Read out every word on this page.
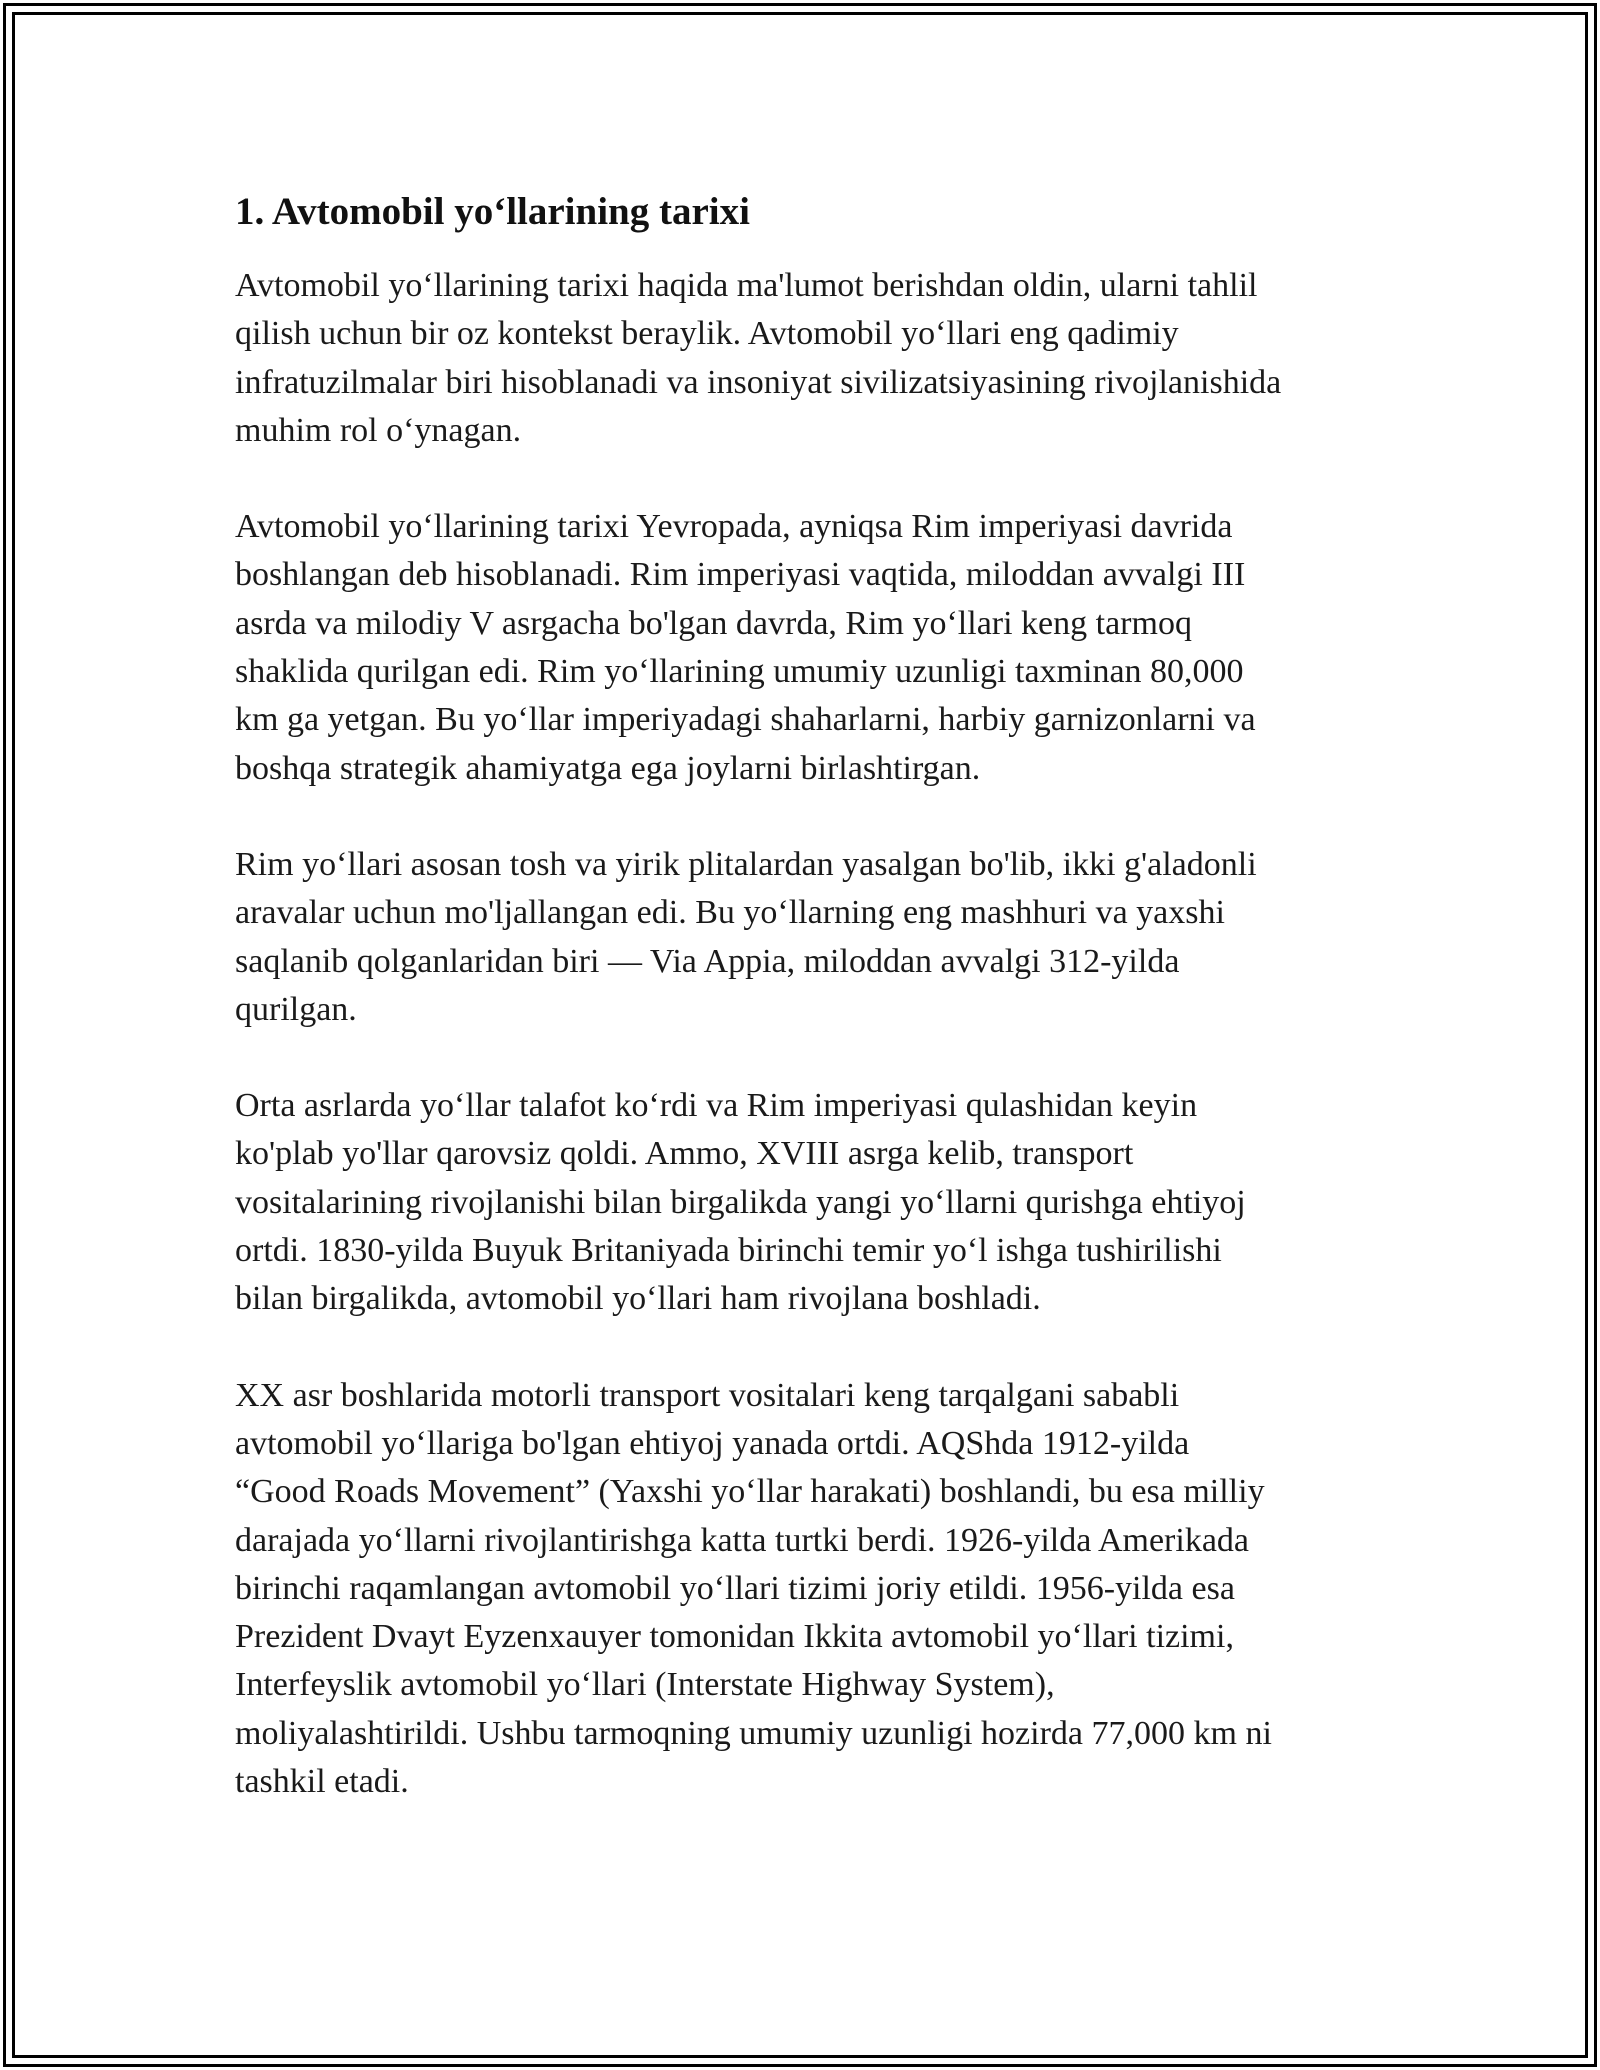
1. Avtomobil yo‘llarining tarixi

Avtomobil yo‘llarining tarixi haqida ma'lumot berishdan oldin, ularni tahlil
qilish uchun bir oz kontekst beraylik. Avtomobil yo‘llari eng qadimiy
infratuzilmalar biri hisoblanadi va insoniyat sivilizatsiyasining rivojlanishida
muhim rol o‘ynagan.

Avtomobil yo‘llarining tarixi Yevropada, ayniqsa Rim imperiyasi davrida
boshlangan deb hisoblanadi. Rim imperiyasi vaqtida, miloddan avvalgi III
asrda va milodiy V asrgacha bo'lgan davrda, Rim yo‘llari keng tarmoq
shaklida qurilgan edi. Rim yo‘llarining umumiy uzunligi taxminan 80,000
km ga yetgan. Bu yo‘llar imperiyadagi shaharlarni, harbiy garnizonlarni va
boshqa strategik ahamiyatga ega joylarni birlashtirgan.

Rim yo‘llari asosan tosh va yirik plitalardan yasalgan bo'lib, ikki g'aladonli
aravalar uchun mo'ljallangan edi. Bu yo‘llarning eng mashhuri va yaxshi
saqlanib qolganlaridan biri — Via Appia, miloddan avvalgi 312-yilda
qurilgan.

Orta asrlarda yo‘llar talafot ko‘rdi va Rim imperiyasi qulashidan keyin
ko'plab yo'llar qarovsiz qoldi. Ammo, XVIII asrga kelib, transport
vositalarining rivojlanishi bilan birgalikda yangi yo‘llarni qurishga ehtiyoj
ortdi. 1830-yilda Buyuk Britaniyada birinchi temir yo‘l ishga tushirilishi
bilan birgalikda, avtomobil yo‘llari ham rivojlana boshladi.

XX asr boshlarida motorli transport vositalari keng tarqalgani sababli
avtomobil yo‘llariga bo'lgan ehtiyoj yanada ortdi. AQShda 1912-yilda
“Good Roads Movement” (Yaxshi yo‘llar harakati) boshlandi, bu esa milliy
darajada yo‘llarni rivojlantirishga katta turtki berdi. 1926-yilda Amerikada
birinchi raqamlangan avtomobil yo‘llari tizimi joriy etildi. 1956-yilda esa
Prezident Dvayt Eyzenxauyer tomonidan Ikkita avtomobil yo‘llari tizimi,
Interfeyslik avtomobil yo‘llari (Interstate Highway System),
moliyalashtirildi. Ushbu tarmoqning umumiy uzunligi hozirda 77,000 km ni
tashkil etadi.
